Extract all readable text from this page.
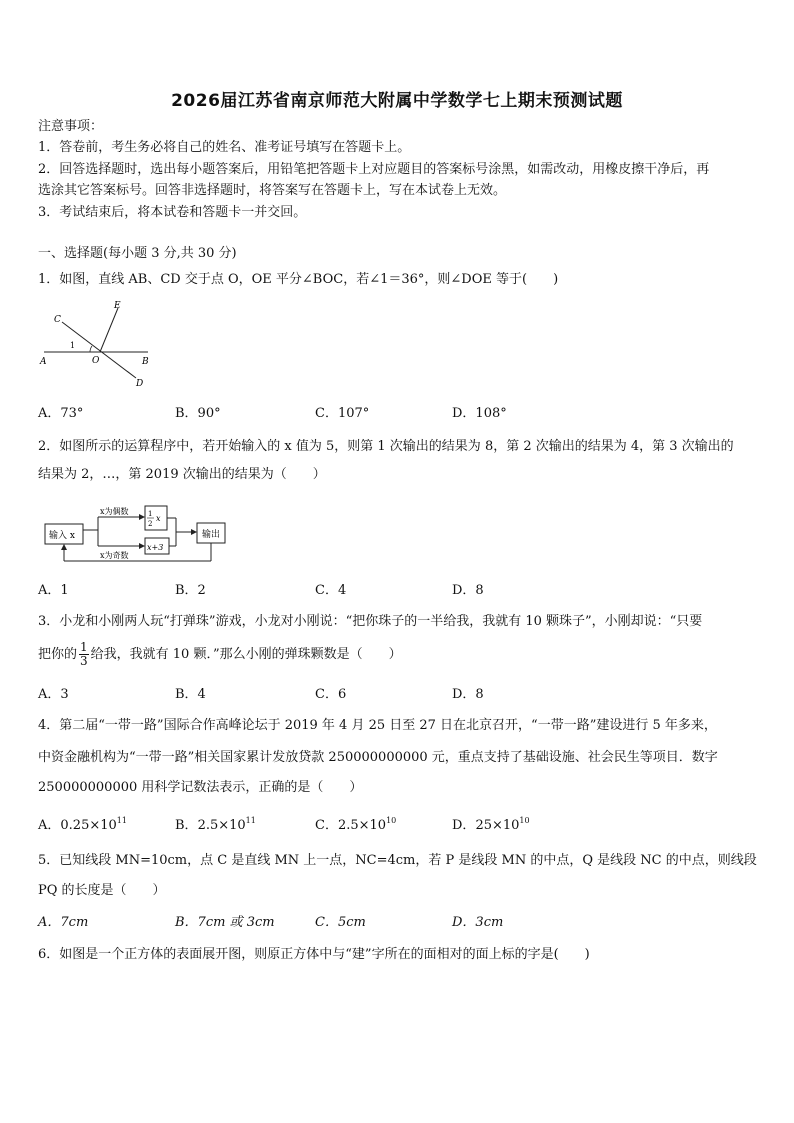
2026届江苏省南京师范大附属中学数学七上期末预测试题
注意事项：
1．答卷前，考生务必将自己的姓名、准考证号填写在答题卡上。
2．回答选择题时，选出每小题答案后，用铅笔把答题卡上对应题目的答案标号涂黑，如需改动，用橡皮擦干净后，再
选涂其它答案标号。回答非选择题时，将答案写在答题卡上，写在本试卷上无效。
3．考试结束后，将本试卷和答题卡一并交回。
一、选择题(每小题 3 分,共 30 分)
1．如图，直线 AB、CD 交于点 O，OE 平分∠BOC，若∠1＝36°，则∠DOE 等于(　　)
C
E
1
A	O	B
D
A．73°	B．90°	C．107°	D．108°
2．如图所示的运算程序中，若开始输入的 x 值为 5，则第 1 次输出的结果为 8，第 2 次输出的结果为 4，第 3 次输出的
结果为 2，…，第 2019 次输出的结果为（　　）
输入 x
x为偶数	1
2
x
x+3
输出
x为奇数
A．1	B．2	C．4	D．8
3．小龙和小刚两人玩“打弹珠”游戏，小龙对小刚说：“把你珠子的一半给我，我就有 10 颗珠子”，小刚却说：“只要
把你的 $\frac{1}{3}$ 给我，我就有 10 颗．”那么小刚的弹珠颗数是（　　）
A．3	B．4	C．6	D．8
4．第二届“一带一路”国际合作高峰论坛于 2019 年 4 月 25 日至 27 日在北京召开，“一带一路”建设进行 5 年多来，
中资金融机构为“一带一路”相关国家累计发放贷款 250000000000 元，重点支持了基础设施、社会民生等项目．数字
250000000000 用科学记数法表示，正确的是（　　）
A．$0.25\times 10^{11}$	B．$2.5\times 10^{11}$	C．$2.5\times 10^{10}$	D．$25\times 10^{10}$
5．已知线段 MN=10cm，点 C 是直线 MN 上一点，NC=4cm，若 P 是线段 MN 的中点，Q 是线段 NC 的中点，则线段
PQ 的长度是（　　）
A．7cm	B．7cm 或 3cm	C．5cm	D．3cm
6．如图是一个正方体的表面展开图，则原正方体中与“建”字所在的面相对的面上标的字是(　　)
